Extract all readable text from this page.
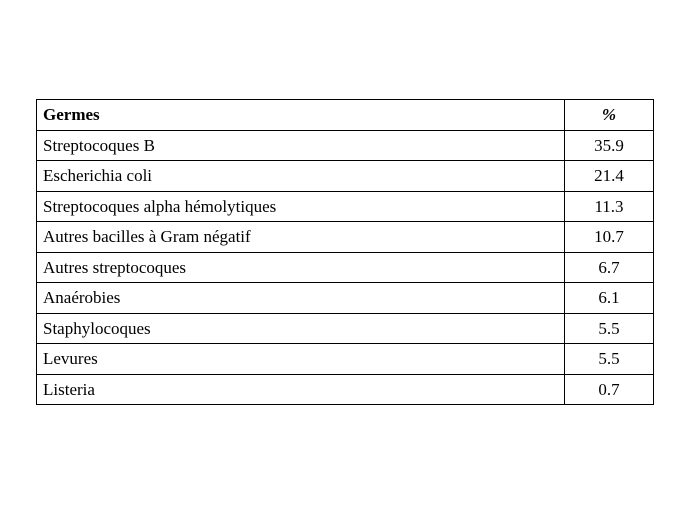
Germes	%
Streptocoques B	35.9
Escherichia coli	21.4
Streptocoques alpha hémolytiques	11.3
Autres bacilles à Gram négatif	10.7
Autres streptocoques	6.7
Anaérobies	6.1
Staphylocoques	5.5
Levures	5.5
Listeria	0.7
